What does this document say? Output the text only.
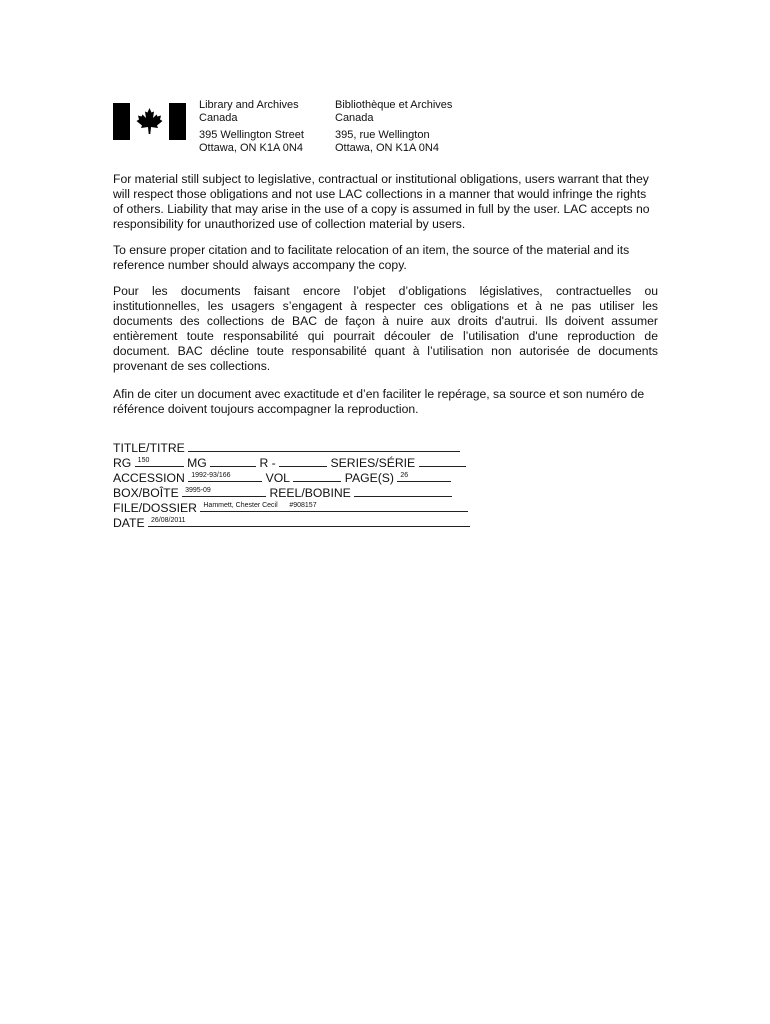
Library and Archives
Canada
395 Wellington Street
Ottawa, ON K1A 0N4
Bibliothèque et Archives
Canada
395, rue Wellington
Ottawa, ON K1A 0N4

For material still subject to legislative, contractual or institutional obligations, users warrant that they will respect those obligations and not use LAC collections in a manner that would infringe the rights of others. Liability that may arise in the use of a copy is assumed in full by the user. LAC accepts no responsibility for unauthorized use of collection material by users.

To ensure proper citation and to facilitate relocation of an item, the source of the material and its reference number should always accompany the copy.

Pour les documents faisant encore l’objet d’obligations législatives, contractuelles ou institutionnelles, les usagers s’engagent à respecter ces obligations et à ne pas utiliser les documents des collections de BAC de façon à nuire aux droits d'autrui. Ils doivent assumer entièrement toute responsabilité qui pourrait découler de l’utilisation d'une reproduction de document. BAC décline toute responsabilité quant à l’utilisation non autorisée de documents provenant de ses collections.

Afin de citer un document avec exactitude et d’en faciliter le repérage, sa source et son numéro de référence doivent toujours accompagner la reproduction.

TITLE/TITRE
RG 150	MG	R -	SERIES/SÉRIE
ACCESSION 1992-93/166	VOL	PAGE(S) 26
BOX/BOÎTE 3995-09	REEL/BOBINE
FILE/DOSSIER Hammett, Chester Cecil      #908157
DATE 26/08/2011
